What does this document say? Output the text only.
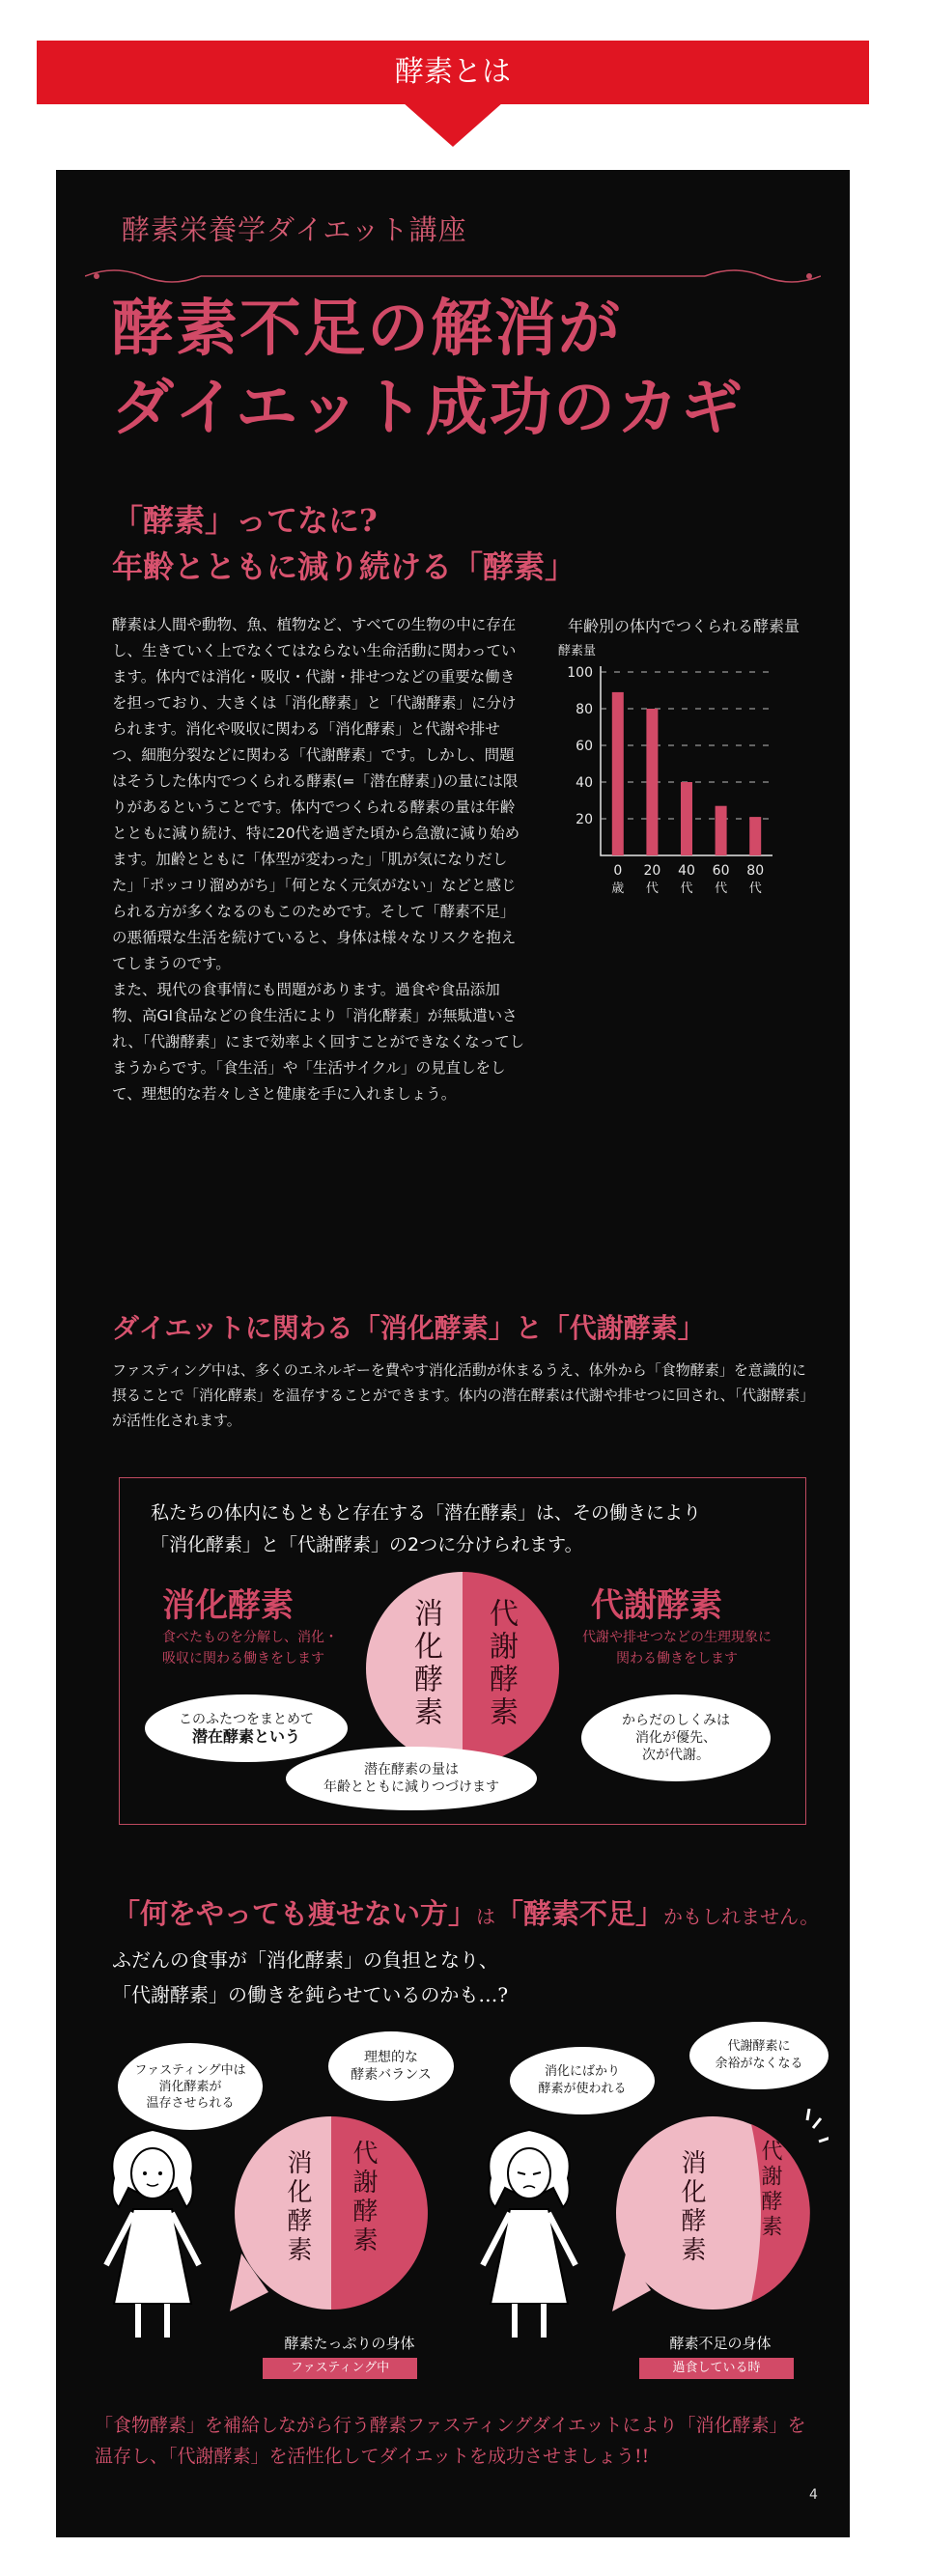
酵素とは
酵素栄養学ダイエット講座
酵素不足の解消が
ダイエット成功のカギ
「酵素」ってなに?
年齢とともに減り続ける「酵素」

酵素は人間や動物、魚、植物など、すべての生物の中に存在し、生きていく上でなくてはならない生命活動に関わっています。体内では消化・吸収・代謝・排せつなどの重要な働きを担っており、大きくは「消化酵素」と「代謝酵素」に分けられます。消化や吸収に関わる「消化酵素」と代謝や排せつ、細胞分裂などに関わる「代謝酵素」です。しかし、問題はそうした体内でつくられる酵素(=「潜在酵素」)の量には限りがあるということです。体内でつくられる酵素の量は年齢とともに減り続け、特に20代を過ぎた頃から急激に減り始めます。加齢とともに「体型が変わった」「肌が気になりだした」「ポッコリ溜めがち」「何となく元気がない」などと感じられる方が多くなるのもこのためです。そして「酵素不足」の悪循環な生活を続けていると、身体は様々なリスクを抱えてしまうのです。

また、現代の食事情にも問題があります。過食や食品添加物、高GI食品などの食生活により「消化酵素」が無駄遣いされ、「代謝酵素」にまで効率よく回すことができなくなってしまうからです。「食生活」や「生活サイクル」の見直しをして、理想的な若々しさと健康を手に入れましょう。

年齢別の体内でつくられる酵素量
酵素量
20
40
60
80
100
0
歳
20
代
40
代
60
代
80
代
ダイエットに関わる「消化酵素」と「代謝酵素」
ファスティング中は、多くのエネルギーを費やす消化活動が休まるうえ、体外から「食物酵素」を意識的に摂ることで「消化酵素」を温存することができます。体内の潜在酵素は代謝や排せつに回され、「代謝酵素」が活性化されます。
私たちの体内にもともと存在する「潜在酵素」は、その働きにより
「消化酵素」と「代謝酵素」の2つに分けられます。
消化酵素
食べたものを分解し、消化・
吸収に関わる働きをします
代謝酵素
代謝や排せつなどの生理現象に
関わる働きをします
消化酵素 代謝酵素
このふたつをまとめて
潜在酵素という
潜在酵素の量は
年齢とともに減りつづけます
からだのしくみは
消化が優先、
次が代謝。
「何をやっても痩せない方」は「酵素不足」かもしれません。
ふだんの食事が「消化酵素」の負担となり、
「代謝酵素」の働きを鈍らせているのかも…?
消化酵素 代謝酵素
ファスティング中は
消化酵素が
温存させられる
理想的な
酵素バランス
酵素たっぷりの身体
ファスティング中
消化酵素 代謝酵素
消化にばかり
酵素が使われる
代謝酵素に
余裕がなくなる
酵素不足の身体
過食している時
「食物酵素」を補給しながら行う酵素ファスティングダイエットにより「消化酵素」を
温存し、「代謝酵素」を活性化してダイエットを成功させましょう!!
4
